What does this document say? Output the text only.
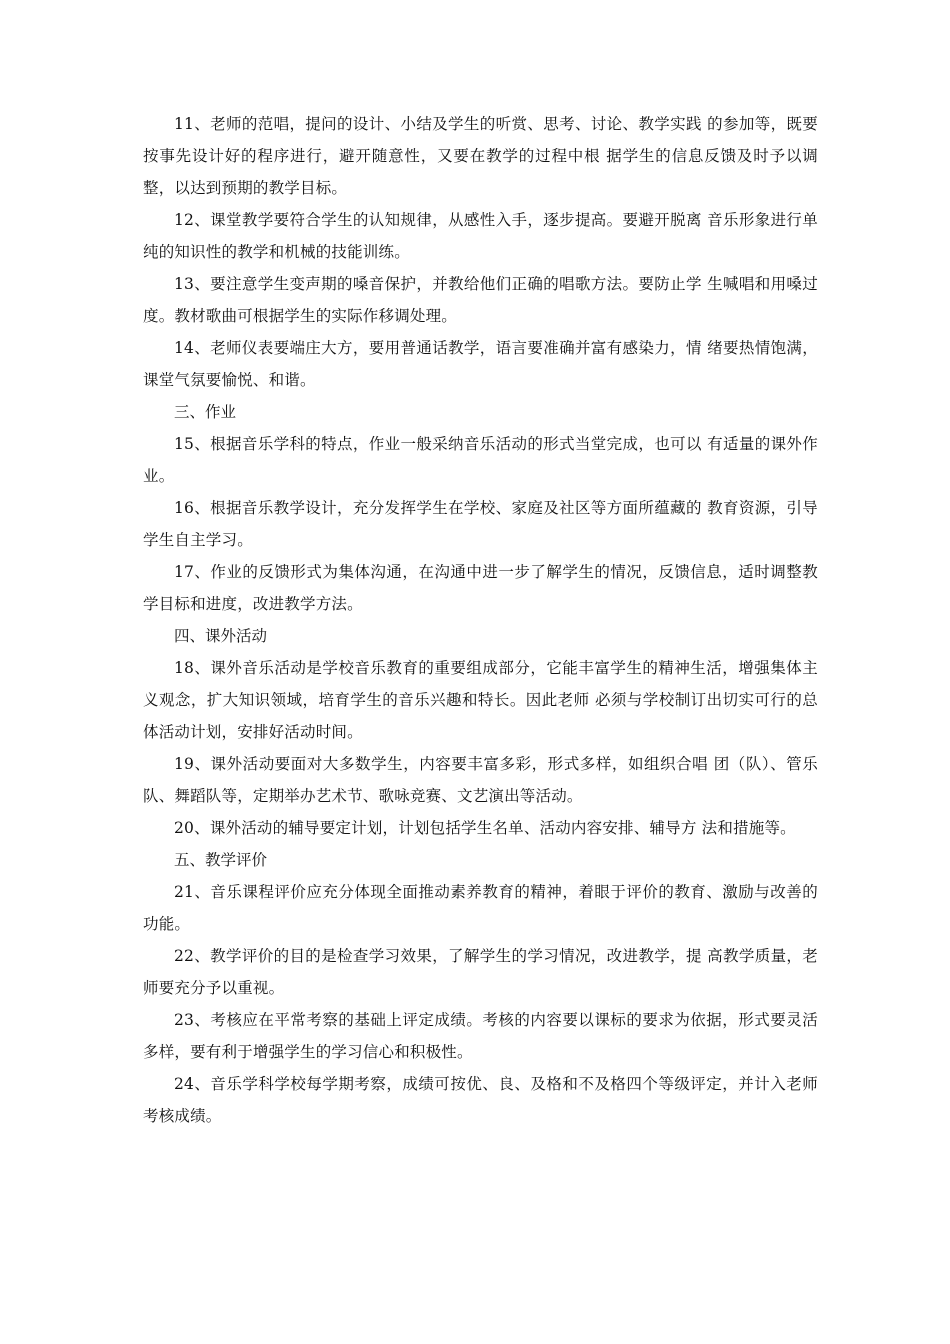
11、老师的范唱，提问的设计、小结及学生的听赏、思考、讨论、教学实践 的参加等，既要按事先设计好的程序进行，避开随意性，又要在教学的过程中根 据学生的信息反馈及时予以调整，以达到预期的教学目标。

12、课堂教学要符合学生的认知规律，从感性入手，逐步提高。要避开脱离 音乐形象进行单纯的知识性的教学和机械的技能训练。

13、要注意学生变声期的嗓音保护，并教给他们正确的唱歌方法。要防止学 生喊唱和用嗓过度。教材歌曲可根据学生的实际作移调处理。

14、老师仪表要端庄大方，要用普通话教学，语言要准确并富有感染力，情 绪要热情饱满，课堂气氛要愉悦、和谐。

三、作业

15、根据音乐学科的特点，作业一般采纳音乐活动的形式当堂完成，也可以 有适量的课外作业。

16、根据音乐教学设计，充分发挥学生在学校、家庭及社区等方面所蕴藏的 教育资源，引导学生自主学习。

17、作业的反馈形式为集体沟通，在沟通中进一步了解学生的情况，反馈信息，适时调整教学目标和进度，改进教学方法。

四、课外活动

18、课外音乐活动是学校音乐教育的重要组成部分，它能丰富学生的精神生活，增强集体主义观念，扩大知识领域，培育学生的音乐兴趣和特长。因此老师 必须与学校制订出切实可行的总体活动计划，安排好活动时间。

19、课外活动要面对大多数学生，内容要丰富多彩，形式多样，如组织合唱 团（队）、管乐队、舞蹈队等，定期举办艺术节、歌咏竞赛、文艺演出等活动。

20、课外活动的辅导要定计划，计划包括学生名单、活动内容安排、辅导方 法和措施等。

五、教学评价

21、音乐课程评价应充分体现全面推动素养教育的精神，着眼于评价的教育、激励与改善的功能。

22、教学评价的目的是检查学习效果，了解学生的学习情况，改进教学，提 高教学质量，老师要充分予以重视。

23、考核应在平常考察的基础上评定成绩。考核的内容要以课标的要求为依据，形式要灵活多样，要有利于增强学生的学习信心和积极性。

24、音乐学科学校每学期考察，成绩可按优、良、及格和不及格四个等级评定，并计入老师考核成绩。
